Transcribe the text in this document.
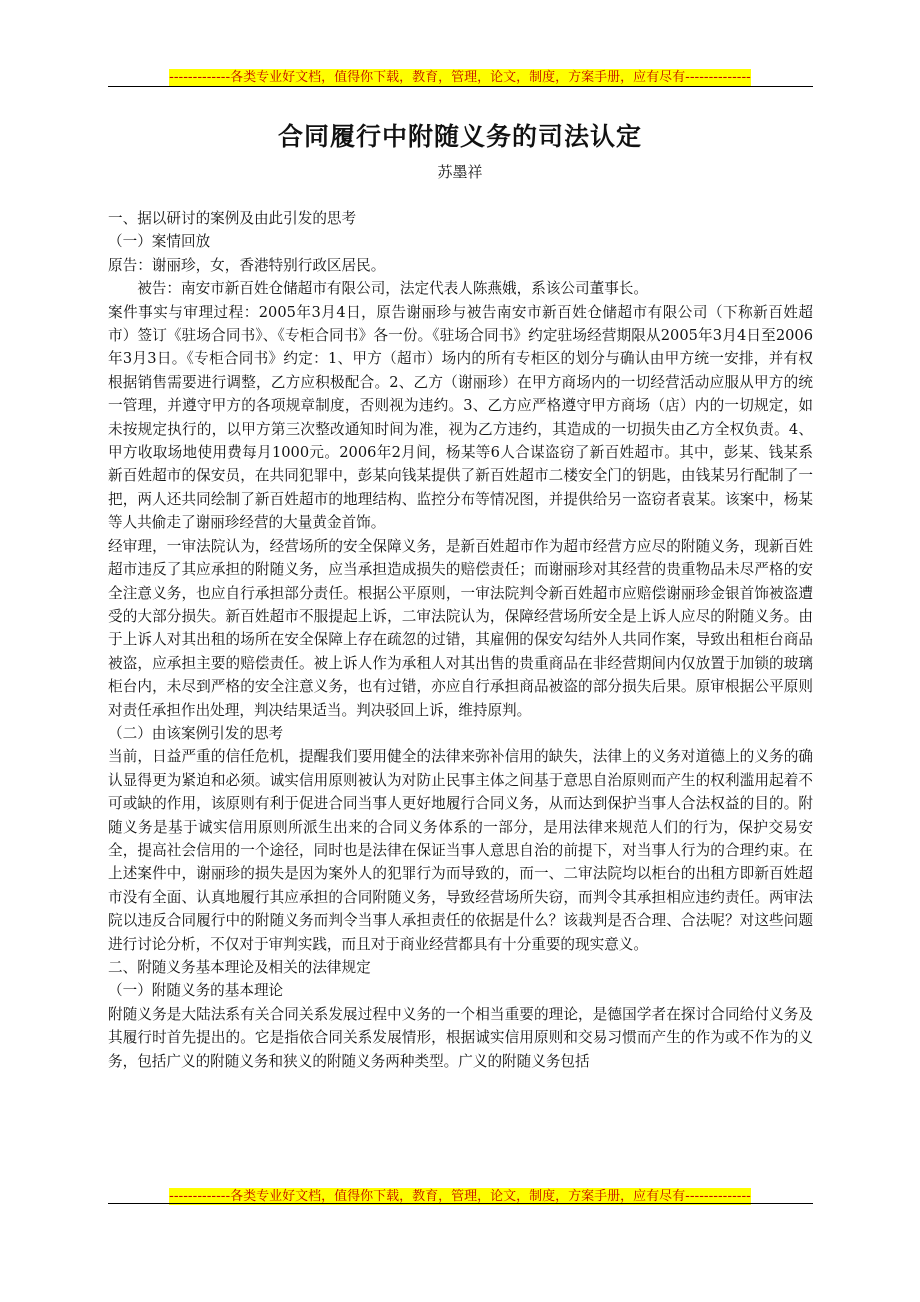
-------------各类专业好文档，值得你下载，教育，管理，论文，制度，方案手册，应有尽有--------------
合同履行中附随义务的司法认定
苏墨祥

一、据以研讨的案例及由此引发的思考

（一）案情回放

原告：谢丽珍，女，香港特别行政区居民。

被告：南安市新百姓仓储超市有限公司，法定代表人陈燕娥，系该公司董事长。

案件事实与审理过程：2005年3月4日，原告谢丽珍与被告南安市新百姓仓储超市有限公司（下称新百姓超市）签订《驻场合同书》、《专柜合同书》各一份。《驻场合同书》约定驻场经营期限从2005年3月4日至2006年3月3日。《专柜合同书》约定：1、甲方（超市）场内的所有专柜区的划分与确认由甲方统一安排，并有权根据销售需要进行调整，乙方应积极配合。2、乙方（谢丽珍）在甲方商场内的一切经营活动应服从甲方的统一管理，并遵守甲方的各项规章制度，否则视为违约。3、乙方应严格遵守甲方商场（店）内的一切规定，如未按规定执行的，以甲方第三次整改通知时间为准，视为乙方违约，其造成的一切损失由乙方全权负责。4、甲方收取场地使用费每月1000元。2006年2月间，杨某等6人合谋盗窃了新百姓超市。其中，彭某、钱某系新百姓超市的保安员，在共同犯罪中，彭某向钱某提供了新百姓超市二楼安全门的钥匙，由钱某另行配制了一把，两人还共同绘制了新百姓超市的地理结构、监控分布等情况图，并提供给另一盗窃者袁某。该案中，杨某等人共偷走了谢丽珍经营的大量黄金首饰。

经审理，一审法院认为，经营场所的安全保障义务，是新百姓超市作为超市经营方应尽的附随义务，现新百姓超市违反了其应承担的附随义务，应当承担造成损失的赔偿责任；而谢丽珍对其经营的贵重物品未尽严格的安全注意义务，也应自行承担部分责任。根据公平原则，一审法院判令新百姓超市应赔偿谢丽珍金银首饰被盗遭受的大部分损失。新百姓超市不服提起上诉，二审法院认为，保障经营场所安全是上诉人应尽的附随义务。由于上诉人对其出租的场所在安全保障上存在疏忽的过错，其雇佣的保安勾结外人共同作案，导致出租柜台商品被盗，应承担主要的赔偿责任。被上诉人作为承租人对其出售的贵重商品在非经营期间内仅放置于加锁的玻璃柜台内，未尽到严格的安全注意义务，也有过错，亦应自行承担商品被盗的部分损失后果。原审根据公平原则对责任承担作出处理，判决结果适当。判决驳回上诉，维持原判。

（二）由该案例引发的思考

当前，日益严重的信任危机，提醒我们要用健全的法律来弥补信用的缺失，法律上的义务对道德上的义务的确认显得更为紧迫和必须。诚实信用原则被认为对防止民事主体之间基于意思自治原则而产生的权利滥用起着不可或缺的作用，该原则有利于促进合同当事人更好地履行合同义务，从而达到保护当事人合法权益的目的。附随义务是基于诚实信用原则所派生出来的合同义务体系的一部分，是用法律来规范人们的行为，保护交易安全，提高社会信用的一个途径，同时也是法律在保证当事人意思自治的前提下，对当事人行为的合理约束。在上述案件中，谢丽珍的损失是因为案外人的犯罪行为而导致的，而一、二审法院均以柜台的出租方即新百姓超市没有全面、认真地履行其应承担的合同附随义务，导致经营场所失窃，而判令其承担相应违约责任。两审法院以违反合同履行中的附随义务而判令当事人承担责任的依据是什么？该裁判是否合理、合法呢？对这些问题进行讨论分析，不仅对于审判实践，而且对于商业经营都具有十分重要的现实意义。

二、附随义务基本理论及相关的法律规定

（一）附随义务的基本理论

附随义务是大陆法系有关合同关系发展过程中义务的一个相当重要的理论，是德国学者在探讨合同给付义务及其履行时首先提出的。它是指依合同关系发展情形，根据诚实信用原则和交易习惯而产生的作为或不作为的义务，包括广义的附随义务和狭义的附随义务两种类型。广义的附随义务包括

-------------各类专业好文档，值得你下载，教育，管理，论文，制度，方案手册，应有尽有--------------
